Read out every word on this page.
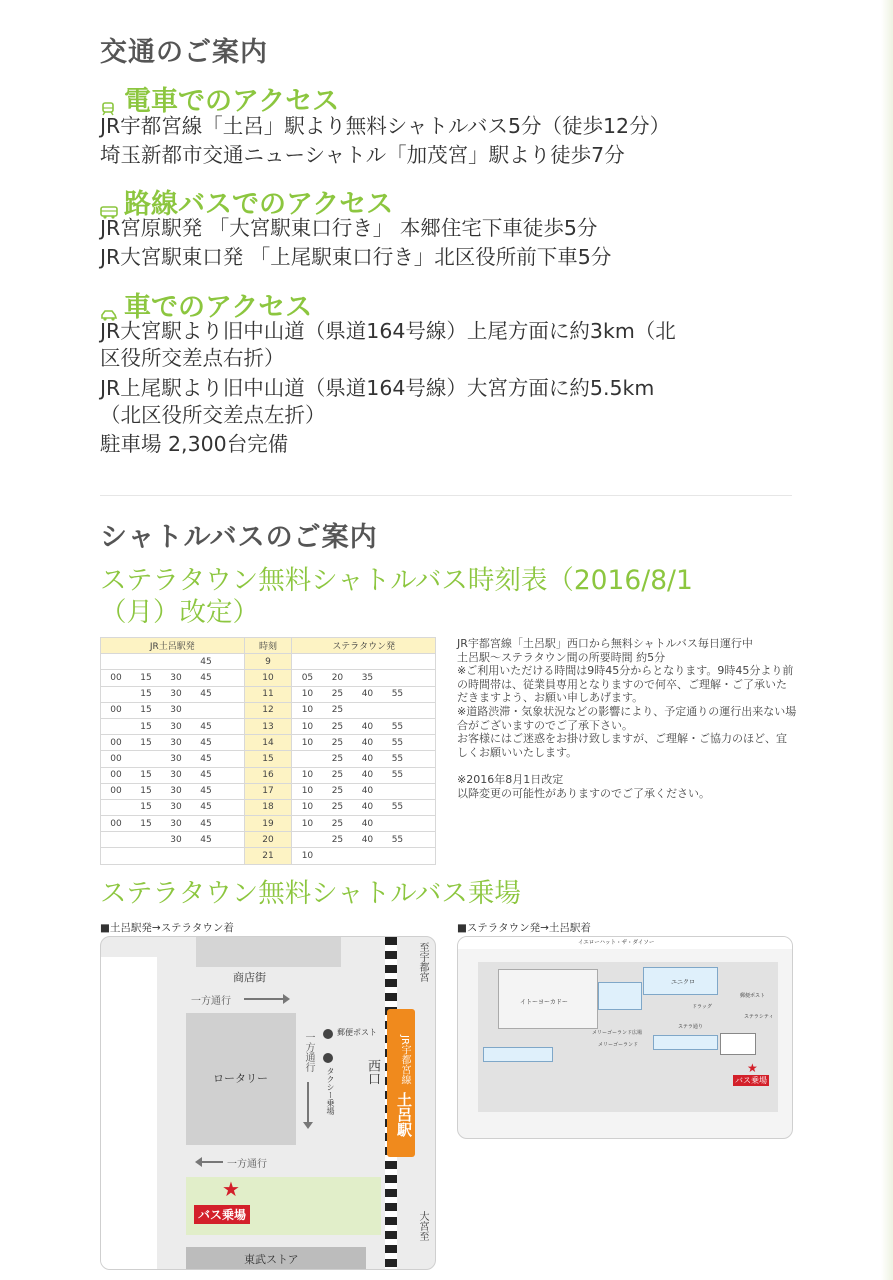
交通のご案内
電車でのアクセス
JR宇都宮線「土呂」駅より無料シャトルバス5分（徒歩12分）
埼玉新都市交通ニューシャトル「加茂宮」駅より徒歩7分
路線バスでのアクセス
JR宮原駅発 「大宮駅東口行き」 本郷住宅下車徒歩5分
JR大宮駅東口発 「上尾駅東口行き」北区役所前下車5分
車でのアクセス
JR大宮駅より旧中山道（県道164号線）上尾方面に約3km（北
区役所交差点右折）
JR上尾駅より旧中山道（県道164号線）大宮方面に約5.5km
（北区役所交差点左折）
駐車場 2,300台完備
シャトルバスのご案内
ステラタウン無料シャトルバス時刻表（2016/8/1
（月）改定）
JR土呂駅発	時刻	ステラタウン発
45	9	
00 15 30 45	10	05 20 35
15 30 45	11	10 25 40 55
00 15 30	12	10 25
15 30 45	13	10 25 40 55
00 15 30 45	14	10 25 40 55
00 30 45	15	25 40 55
00 15 30 45	16	10 25 40 55
00 15 30 45	17	10 25 40
15 30 45	18	10 25 40 55
00 15 30 45	19	10 25 40
30 45	20	25 40 55
	21	10

JR宇都宮線「土呂駅」西口から無料シャトルバス毎日運行中

土呂駅～ステラタウン間の所要時間 約5分

※ご利用いただける時間は9時45分からとなります。9時45分より前の時間帯は、従業員専用となりますので何卒、ご理解・ご了承いただきますよう、お願い申しあげます。

※道路渋滞・気象状況などの影響により、予定通りの運行出来ない場合がございますのでご了承下さい。

お客様にはご迷惑をお掛け致しますが、ご理解・ご協力のほど、宜しくお願いいたします。

※2016年8月1日改定

以降変更の可能性がありますのでご了承ください。

ステラタウン無料シャトルバス乗場
■土呂駅発→ステラタウン着	■ステラタウン発→土呂駅着
商店街
一方通行
ロータリー
一方通行	郵便ポスト
タクシー乗場 西口	JR宇都宮線 土呂駅
至宇都宮
大宮至
一方通行
★
バス乗場
東武ストア
イエローハット・ザ・ダイソー
イトーヨーカドー
ユニクロ
郵便ポスト
ドラッグ
ステラシティ
ステラ通り
メリーゴーランド広場
メリーゴーランド
★
バス乗場
